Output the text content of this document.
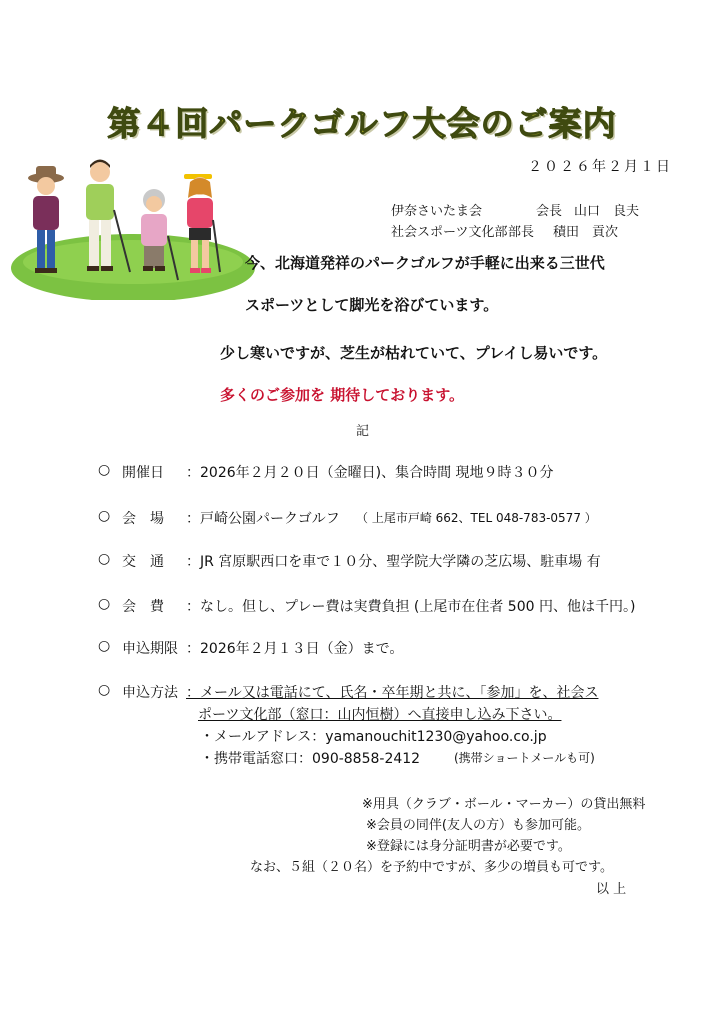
第４回パークゴルフ大会のご案内
２０２６年２月１日
伊奈さいたま会	会長 山口　良夫
社会スポーツ文化部 部長 積田　貢次
今、北海道発祥のパークゴルフが手軽に出来る三世代
スポーツとして脚光を浴びています。
少し寒いですが、芝生が枯れていて、プレイし易いです。
多くのご参加を 期待しております。
記
○ 開催日 ：2026年２月２０日（金曜日)、集合時間 現地９時３０分
○ 会　場 ：戸崎公園パークゴルフ （ 上尾市戸崎 662、TEL 048-783-0577 ）
○ 交　通 ：JR 宮原駅西口を車で１０分、聖学院大学隣の芝広場、駐車場 有
○ 会　費 ：なし。但し、プレー費は実費負担 (上尾市在住者 500 円、他は千円。)
○ 申込期限 ：2026年２月１３日（金）まで。
○ 申込方法 ：メール又は電話にて、氏名・卒年期と共に、「参加」を、社会ス
ポーツ文化部（窓口：山内恒樹）へ直接申し込み下さい。
・メールアドレス：yamanouchit1230@yahoo.co.jp
・携帯電話窓口：090-8858-2412	(携帯ショートメールも可)
※用具（クラブ・ボール・マーカー）の貸出無料
※会員の同伴(友人の方）も参加可能。
※登録には身分証明書が必要です。
なお、５組（２０名）を予約中ですが、多少の増員も可です。
以 上
